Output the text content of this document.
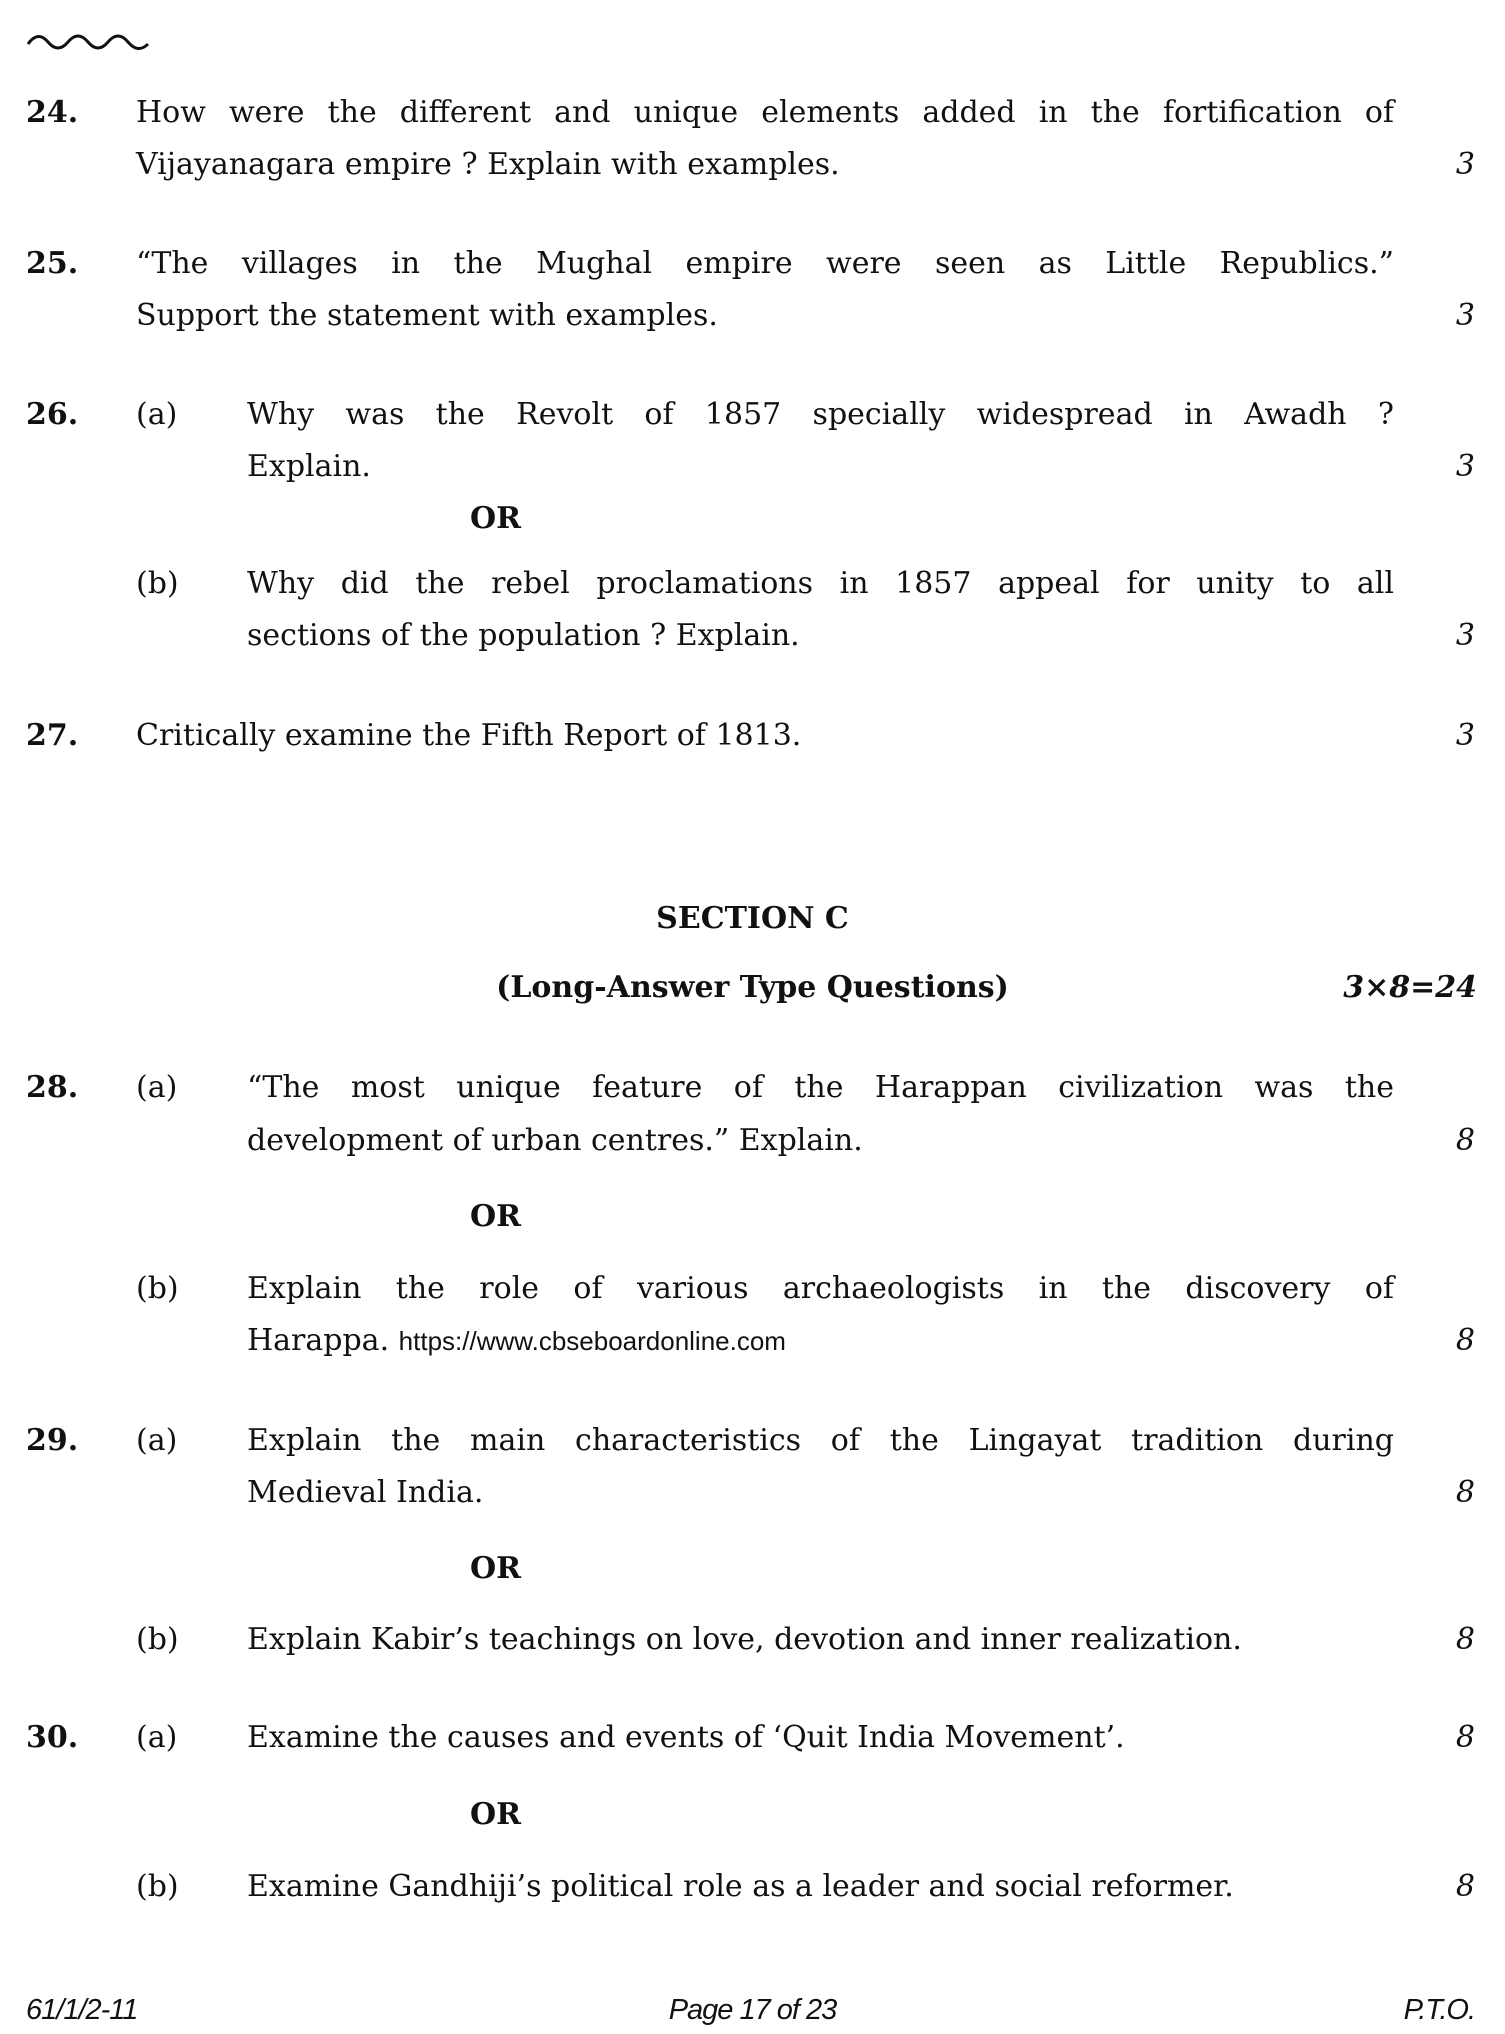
24. How were the different and unique elements added in the fortification of
Vijayanagara empire ? Explain with examples.	3
25. “The villages in the Mughal empire were seen as Little Republics.”
Support the statement with examples.	3
26. (a) Why was the Revolt of 1857 specially widespread in Awadh ?
Explain.	3
OR
(b) Why did the rebel proclamations in 1857 appeal for unity to all
sections of the population ? Explain.	3
27. Critically examine the Fifth Report of 1813.	3
SECTION C
(Long-Answer Type Questions)	3×8=24
28. (a) “The most unique feature of the Harappan civilization was the
development of urban centres.” Explain.	8
OR
(b) Explain the role of various archaeologists in the discovery of
Harappa. https://www.cbseboardonline.com	8
29. (a) Explain the main characteristics of the Lingayat tradition during
Medieval India.	8
OR
(b) Explain Kabir’s teachings on love, devotion and inner realization.	8
30. (a) Examine the causes and events of ‘Quit India Movement’.	8
OR
(b) Examine Gandhiji’s political role as a leader and social reformer.	8
61/1/2-11	Page 17 of 23	P.T.O.
